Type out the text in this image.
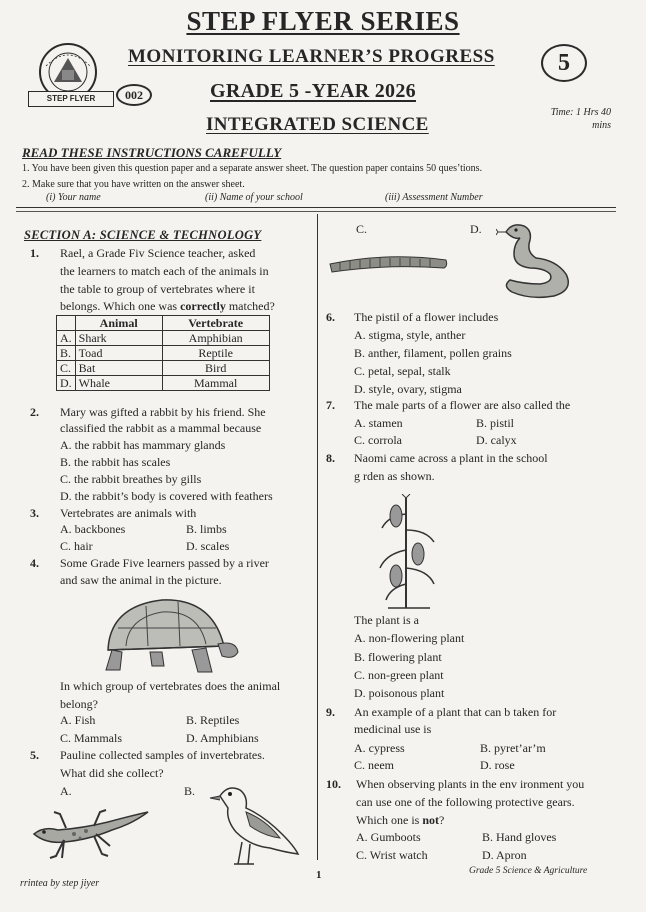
STEP FLYER SERIES
STEP FLYER	002
MONITORING LEARNER’S PROGRESS	5
GRADE 5 -YEAR 2026
INTEGRATED SCIENCE
Time: 1 Hrs 40
mins
READ THESE INSTRUCTIONS CAREFULLY
1. You have been given this question paper and a separate answer sheet. The question paper contains 50 ques’tions.
2. Make sure that you have written on the answer sheet.
(i) Your name	(ii) Name of your school	(iii) Assessment Number
SECTION A: SCIENCE & TECHNOLOGY
1. Rael, a Grade Fiv Science teacher, asked
the learners to match each of the animals in
the table to group of vertebrates where it
belongs. Which one was correctly matched?
	Animal	Vertebrate
A.	Shark	Amphibian
B.	Toad	Reptile
C.	Bat	Bird
D.	Whale	Mammal
2. Mary was gifted a rabbit by his friend. She
classified the rabbit as a mammal because
A. the rabbit has mammary glands
B. the rabbit has scales
C. the rabbit breathes by gills
D. the rabbit’s body is covered with feathers
3. Vertebrates are animals with
A. backbones	B. limbs
C. hair	D. scales
4. Some Grade Five learners passed by a river
and saw the animal in the picture.
In which group of vertebrates does the animal
belong?
A. Fish	B. Reptiles
C. Mammals	D. Amphibians
5. Pauline collected samples of invertebrates.
What did she collect?
A.	B.
C.	D.
6. The pistil of a flower includes
A. stigma, style, anther
B. anther, filament, pollen grains
C. petal, sepal, stalk
D. style, ovary, stigma
7. The male parts of a flower are also called the
A. stamen	B. pistil
C. corrola	D. calyx
8. Naomi came across a plant in the school
g rden as shown.
The plant is a
A. non-flowering plant
B. flowering plant
C. non-green plant
D. poisonous plant
9. An example of a plant that can b taken for
medicinal use is
A. cypress	B. pyret’ar’m
C. neem	D. rose
10. When observing plants in the env ironment you
can use one of the following protective gears.
Which one is not?
A. Gumboots	B. Hand gloves
C. Wrist watch	D. Apron
rrintea by step jiyer
1	Grade 5 Science & Agriculture
